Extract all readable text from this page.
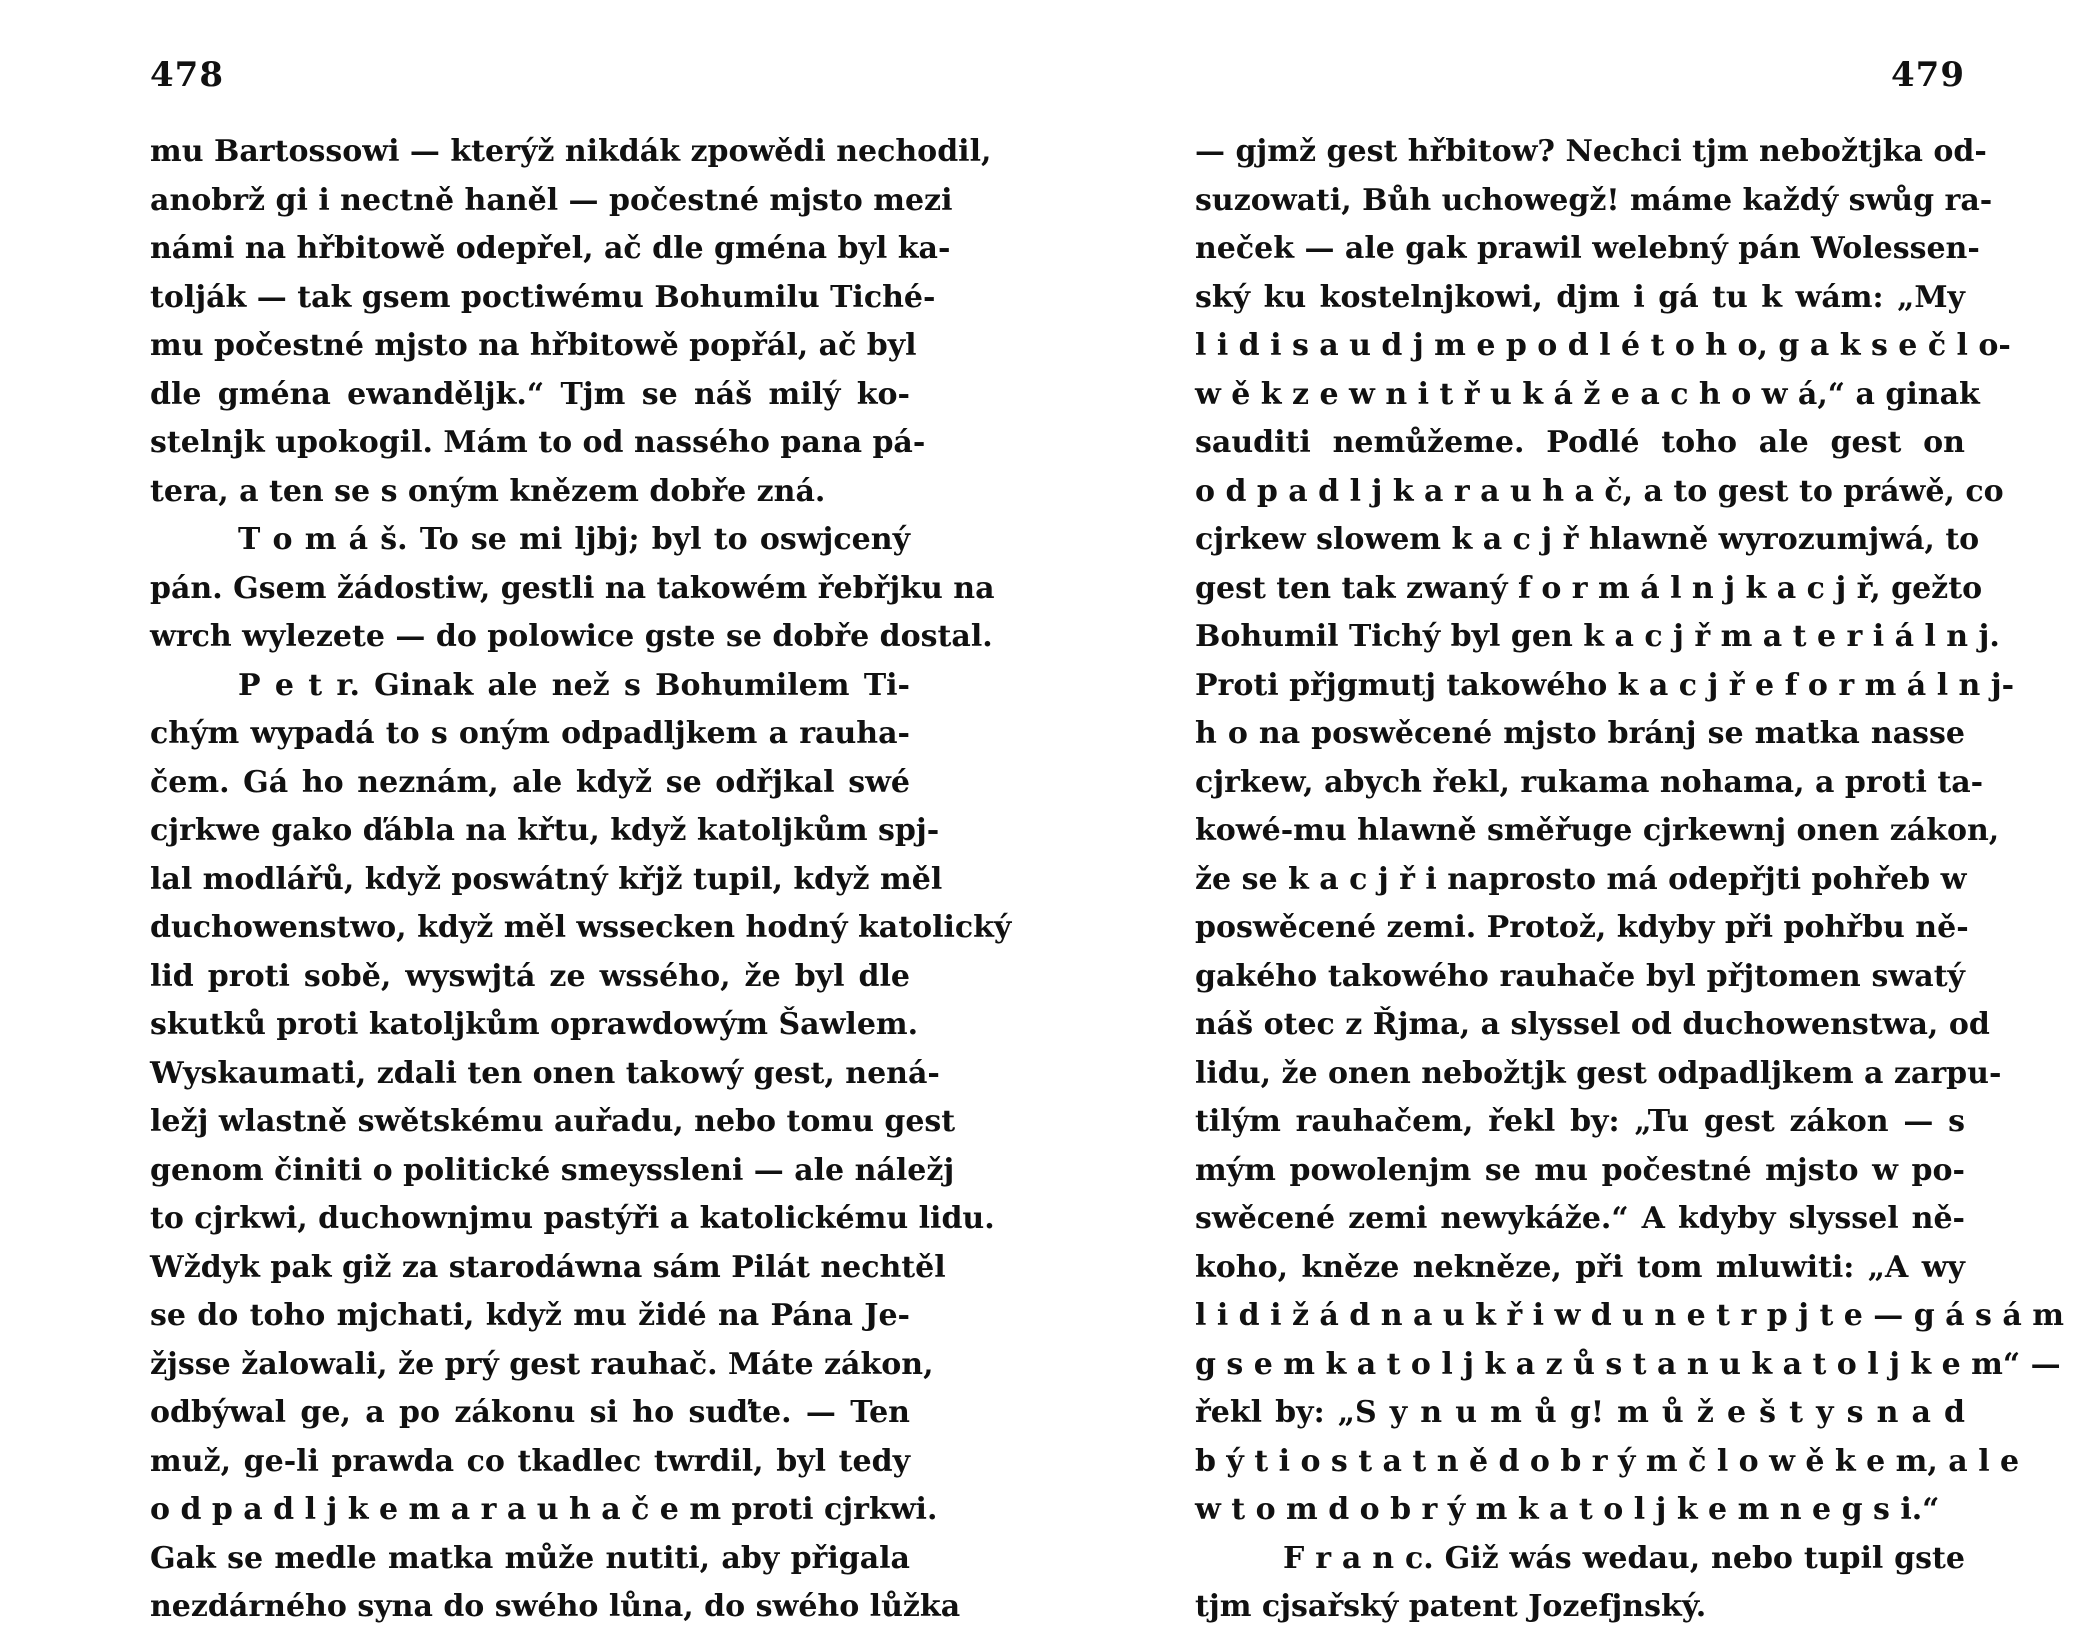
478
mu Bartossowi — kterýž nikdák zpowědi nechodil,
anobrž gi i nectně haněl — počestné mjsto mezi
námi na hřbitowě odepřel, ač dle gména byl ka-
tolják — tak gsem poctiwému Bohumilu Tiché-
mu počestné mjsto na hřbitowě popřál, ač byl
dle gména ewanděljk.“ Tjm se náš milý ko-
stelnjk upokogil. Mám to od nassého pana pá-
tera, a ten se s oným knězem dobře zná.
T o m á š. To se mi ljbj; byl to oswjcený
pán. Gsem žádostiw, gestli na takowém řebřjku na
wrch wylezete — do polowice gste se dobře dostal.
P e t r. Ginak ale než s Bohumilem Ti-
chým wypadá to s oným odpadljkem a rauha-
čem. Gá ho neznám, ale když se odřjkal swé
cjrkwe gako ďábla na křtu, když katoljkům spj-
lal modlářů, když poswátný křjž tupil, když měl
duchowenstwo, když měl wssecken hodný katolický
lid proti sobě, wyswjtá ze wssého, že byl dle
skutků proti katoljkům oprawdowým Šawlem.
Wyskaumati, zdali ten onen takowý gest, nená-
ležj wlastně swětskému auřadu, nebo tomu gest
genom činiti o politické smeyssleni — ale náležj
to cjrkwi, duchownjmu pastýři a katolickému lidu.
Wždyk pak giž za starodáwna sám Pilát nechtěl
se do toho mjchati, když mu židé na Pána Je-
žjsse žalowali, že prý gest rauhač. Máte zákon,
odbýwal ge, a po zákonu si ho suďte. — Ten
muž, ge-li prawda co tkadlec twrdil, byl tedy
o d p a d l j k e m a r a u h a č e m proti cjrkwi.
Gak se medle matka může nutiti, aby přigala
nezdárného syna do swého lůna, do swého lůžka
479
— gjmž gest hřbitow? Nechci tjm nebožtjka od-
suzowati, Bůh uchowegž! máme každý swůg ra-
neček — ale gak prawil welebný pán Wolessen-
ský ku kostelnjkowi, djm i gá tu k wám: „My
l i d i s a u d j m e p o d l é t o h o, g a k s e č l o-
w ě k z e w n i t ř u k á ž e a c h o w á,“ a ginak
sauditi nemůžeme. Podlé toho ale gest on
o d p a d l j k a r a u h a č, a to gest to práwě, co
cjrkew slowem k a c j ř hlawně wyrozumjwá, to
gest ten tak zwaný f o r m á l n j k a c j ř, gežto
Bohumil Tichý byl gen k a c j ř m a t e r i á l n j.
Proti přjgmutj takowého k a c j ř e f o r m á l n j-
h o na poswěcené mjsto bránj se matka nasse
cjrkew, abych řekl, rukama nohama, a proti ta-
kowé-mu hlawně směřuge cjrkewnj onen zákon,
že se k a c j ř i naprosto má odepřjti pohřeb w
poswěcené zemi. Protož, kdyby při pohřbu ně-
gakého takowého rauhače byl přjtomen swatý
náš otec z Řjma, a slyssel od duchowenstwa, od
lidu, že onen nebožtjk gest odpadljkem a zarpu-
tilým rauhačem, řekl by: „Tu gest zákon — s
mým powolenjm se mu počestné mjsto w po-
swěcené zemi newykáže.“ A kdyby slyssel ně-
koho, kněze nekněze, při tom mluwiti: „A wy
l i d i ž á d n a u k ř i w d u n e t r p j t e — g á s á m
g s e m k a t o l j k a z ů s t a n u k a t o l j k e m“ —
řekl by: „S y n u m ů g! m ů ž e š t y s n a d
b ý t i o s t a t n ě d o b r ý m č l o w ě k e m, a l e
w t o m d o b r ý m k a t o l j k e m n e g s i.“
F r a n c. Giž wás wedau, nebo tupil gste
tjm cjsařský patent Jozefjnský.
